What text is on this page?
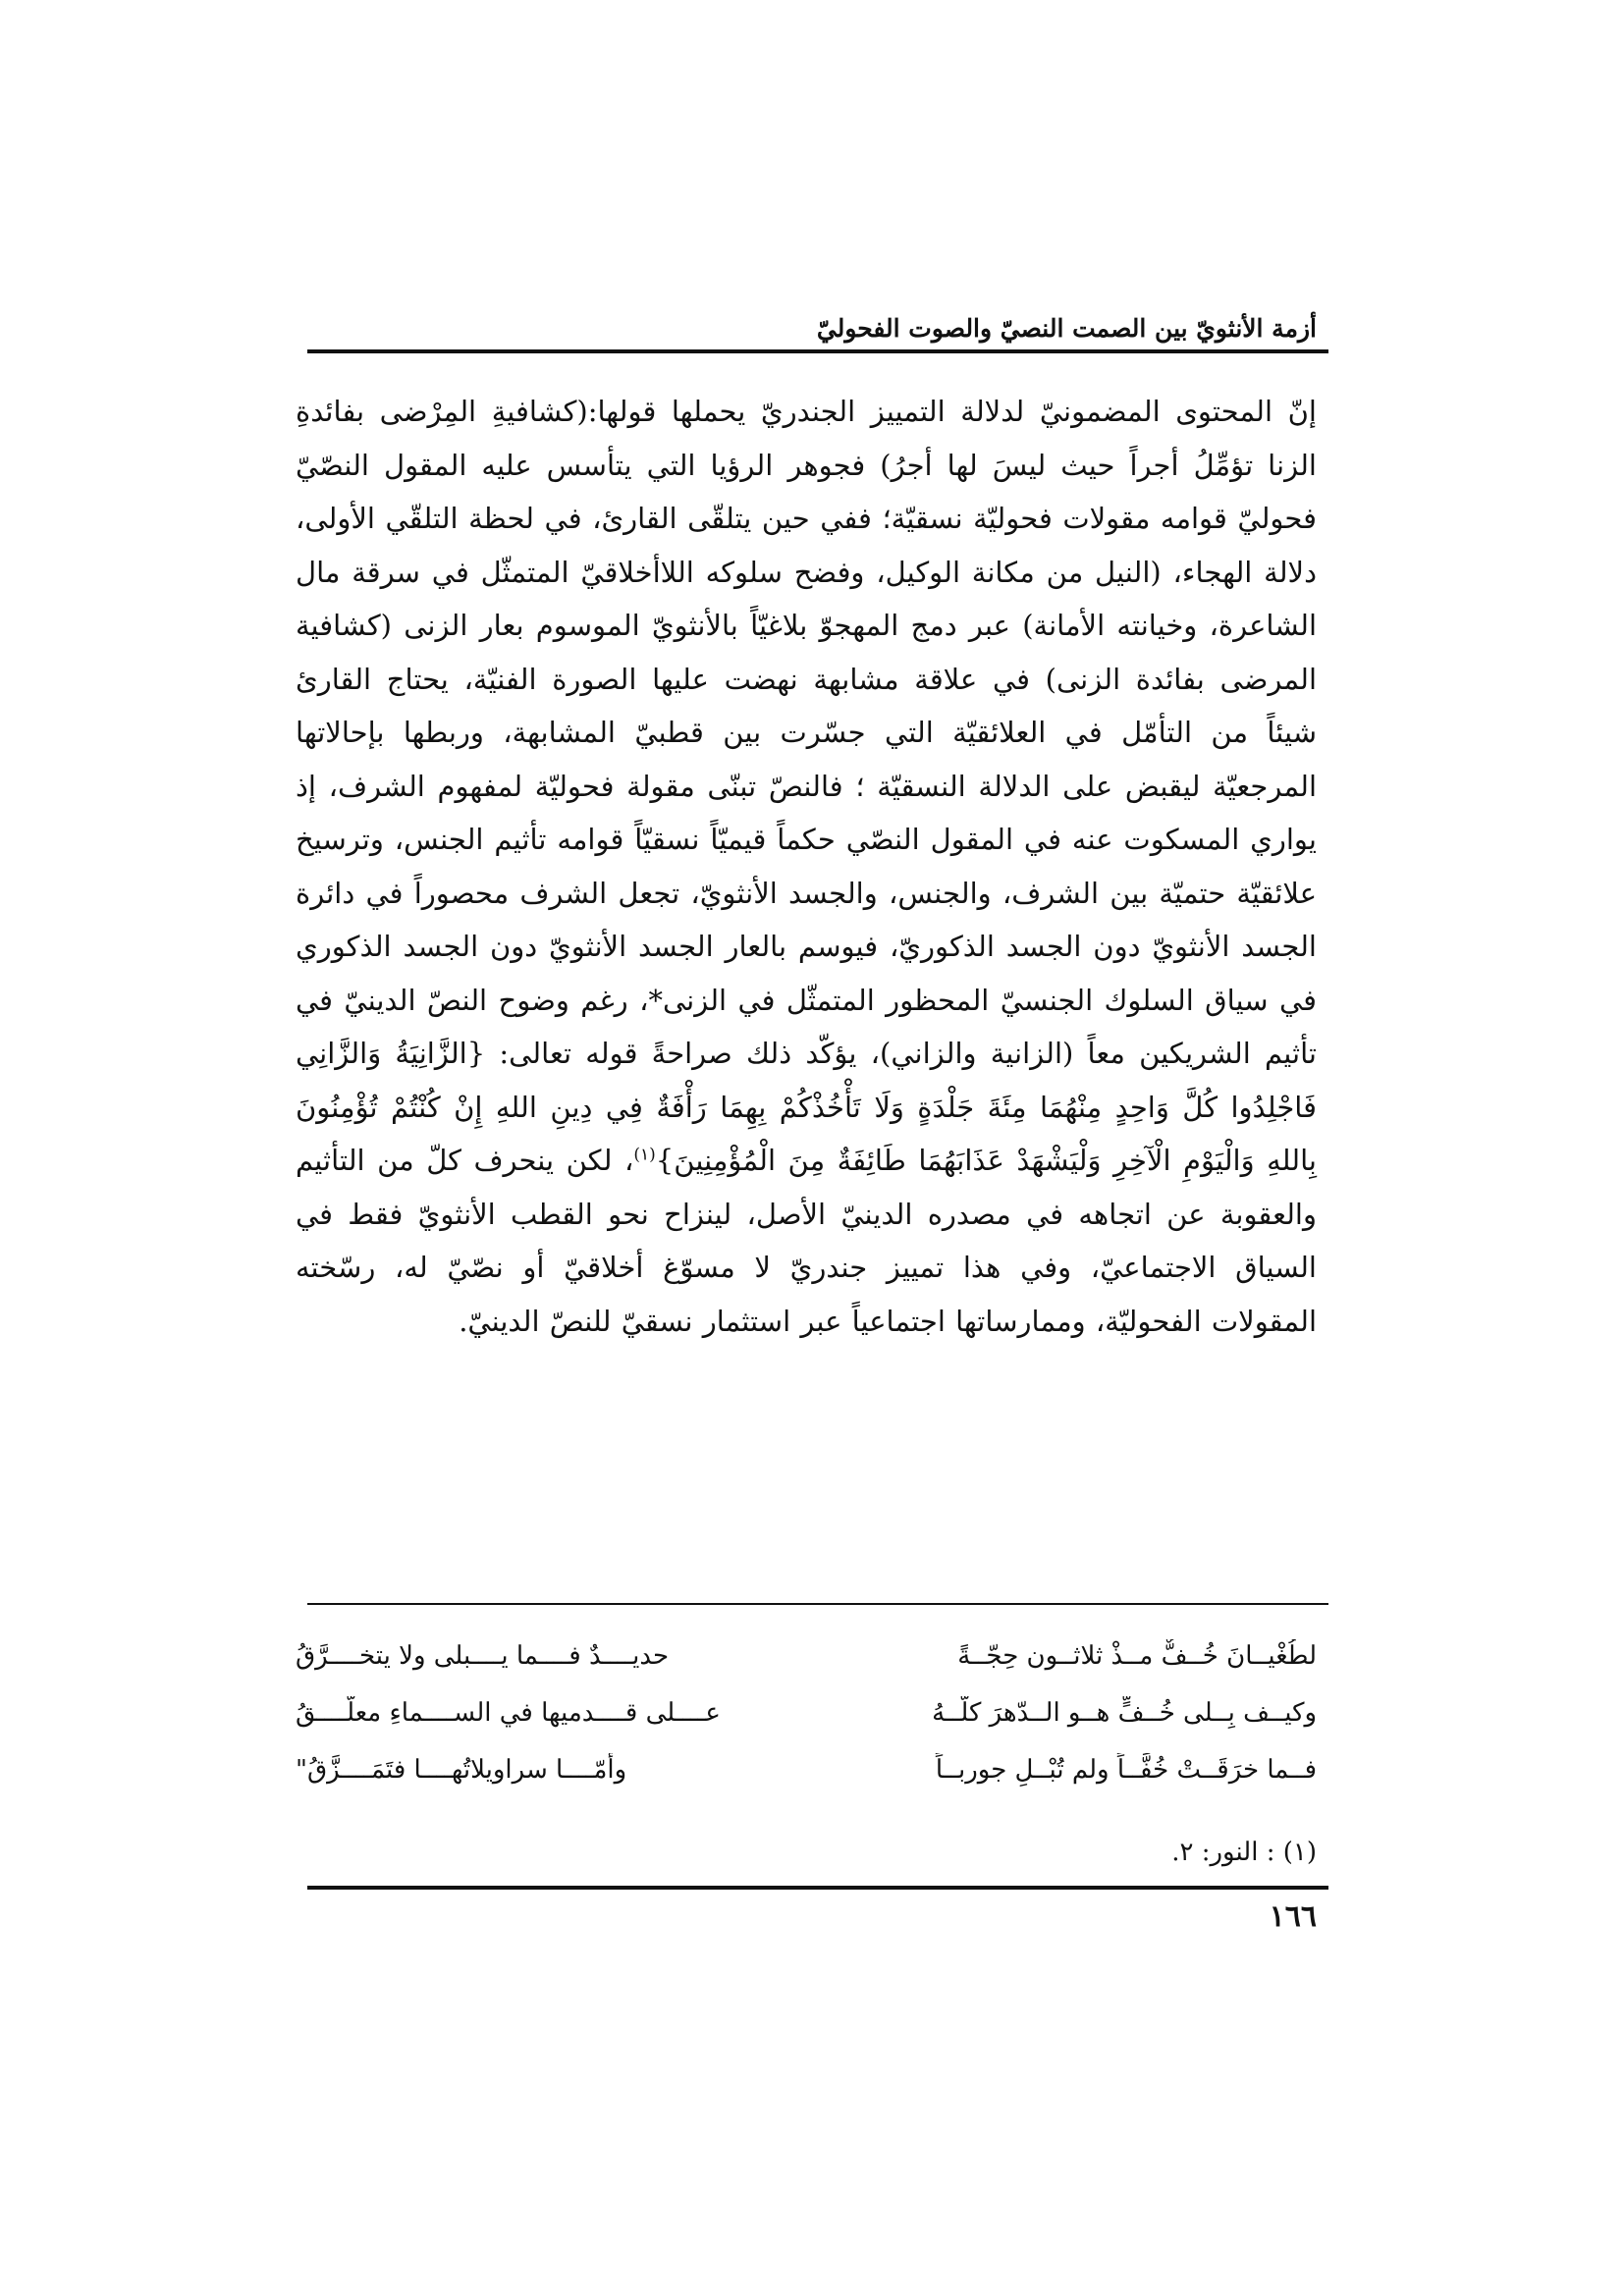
أزمة الأنثويّ بين الصمت النصيّ والصوت الفحوليّ

إنّ المحتوى المضمونيّ لدلالة التمييز الجندريّ يحملها قولها:(كشافيةِ المِرْضى بفائدةِ الزنا تؤمِّلُ أجراً حيث ليسَ لها أجرُ) فجوهر الرؤيا التي يتأسس عليه المقول النصّيّ فحوليّ قوامه مقولات فحوليّة نسقيّة؛ ففي حين يتلقّى القارئ، في لحظة التلقّي الأولى، دلالة الهجاء، (النيل من مكانة الوكيل، وفضح سلوكه اللاأخلاقيّ المتمثّل في سرقة مال الشاعرة، وخيانته الأمانة) عبر دمج المهجوّ بلاغيّاً بالأنثويّ الموسوم بعار الزنى (كشافية المرضى بفائدة الزنى) في علاقة مشابهة نهضت عليها الصورة الفنيّة، يحتاج القارئ شيئاً من التأمّل في العلائقيّة التي جسّرت بين قطبيّ المشابهة، وربطها بإحالاتها المرجعيّة ليقبض على الدلالة النسقيّة ؛ فالنصّ تبنّى مقولة فحوليّة لمفهوم الشرف، إذ يواري المسكوت عنه في المقول النصّي حكماً قيميّاً نسقيّاً قوامه تأثيم الجنس، وترسيخ علائقيّة حتميّة بين الشرف، والجنس، والجسد الأنثويّ، تجعل الشرف محصوراً في دائرة الجسد الأنثويّ دون الجسد الذكوريّ، فيوسم بالعار الجسد الأنثويّ دون الجسد الذكوري في سياق السلوك الجنسيّ المحظور المتمثّل في الزنى*، رغم وضوح النصّ الدينيّ في تأثيم الشريكين معاً (الزانية والزاني)، يؤكّد ذلك صراحةً قوله تعالى: {الزَّانِيَةُ وَالزَّانِي فَاجْلِدُوا كُلَّ وَاحِدٍ مِنْهُمَا مِئَةَ جَلْدَةٍ وَلَا تَأْخُذْكُمْ بِهِمَا رَأْفَةٌ فِي دِينِ اللهِ إِنْ كُنْتُمْ تُؤْمِنُونَ بِاللهِ وَالْيَوْمِ الْآخِرِ وَلْيَشْهَدْ عَذَابَهُمَا طَائِفَةٌ مِنَ الْمُؤْمِنِينَ}$^{(١)}$، لكن ينحرف كلّ من التأثيم والعقوبة عن اتجاهه في مصدره الدينيّ الأصل، لينزاح نحو القطب الأنثويّ فقط في السياق الاجتماعيّ، وفي هذا تمييز جندريّ لا مسوّغ أخلاقيّ أو نصّيّ له، رسّخته المقولات الفحوليّة، وممارساتها اجتماعياً عبر استثمار نسقيّ للنصّ الدينيّ.

لطُغْيــانَ خُــفٌّ مــذْ ثلاثــون حِجّــةً
حديــــدٌ فــــما يــــبلى ولا يتخــــرَّقُ
وكيــف بِــلى خُــفٍّ هــو الــدّهرَ كلَّــهُ
عــــلى قــــدميها في الســــماءِ معلَّــــقُ
فــما خرَقَــتْ خُفَّــاً ولم تُبْــلِ جوربــاً
وأمّــــا سراويلاتُهــــا فتَمَــــزَّقُ"
(١) : النور: ٢.
١٦٦
